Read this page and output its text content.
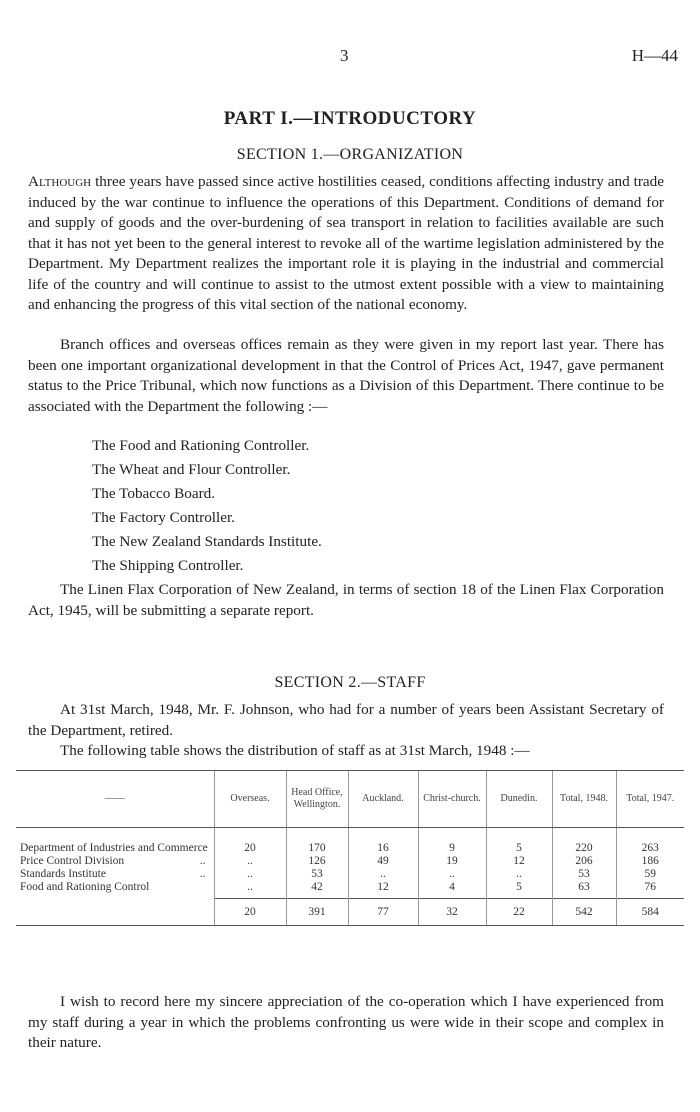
3	H—44
PART I.—INTRODUCTORY
SECTION 1.—ORGANIZATION

Although three years have passed since active hostilities ceased, conditions affecting industry and trade induced by the war continue to influence the operations of this Department. Conditions of demand for and supply of goods and the over-burdening of sea transport in relation to facilities available are such that it has not yet been to the general interest to revoke all of the wartime legislation administered by the Department. My Department realizes the important role it is playing in the industrial and commercial life of the country and will continue to assist to the utmost extent possible with a view to maintaining and enhancing the progress of this vital section of the national economy.

Branch offices and overseas offices remain as they were given in my report last year. There has been one important organizational development in that the Control of Prices Act, 1947, gave permanent status to the Price Tribunal, which now functions as a Division of this Department. There continue to be associated with the Department the following :—

The Food and Rationing Controller.
The Wheat and Flour Controller.
The Tobacco Board.
The Factory Controller.
The New Zealand Standards Institute.
The Shipping Controller.

The Linen Flax Corporation of New Zealand, in terms of section 18 of the Linen Flax Corporation Act, 1945, will be submitting a separate report.

SECTION 2.—STAFF

At 31st March, 1948, Mr. F. Johnson, who had for a number of years been Assistant Secretary of the Department, retired.

The following table shows the distribution of staff as at 31st March, 1948 :—

——	Overseas.	Head Office, Wellington.	Auckland.	Christ-church.	Dunedin.	Total, 1948.	Total, 1947.

Department of Industries and Commerce	20	170	16	9	5	220	263
Price Control Division ..	..	126	49	19	12	206	186
Standards Institute ..	..	53	..	..	..	53	59
Food and Rationing Control	..	42	12	4	5	63	76
	20	391	77	32	22	542	584

I wish to record here my sincere appreciation of the co-operation which I have experienced from my staff during a year in which the problems confronting us were wide in their scope and complex in their nature.
